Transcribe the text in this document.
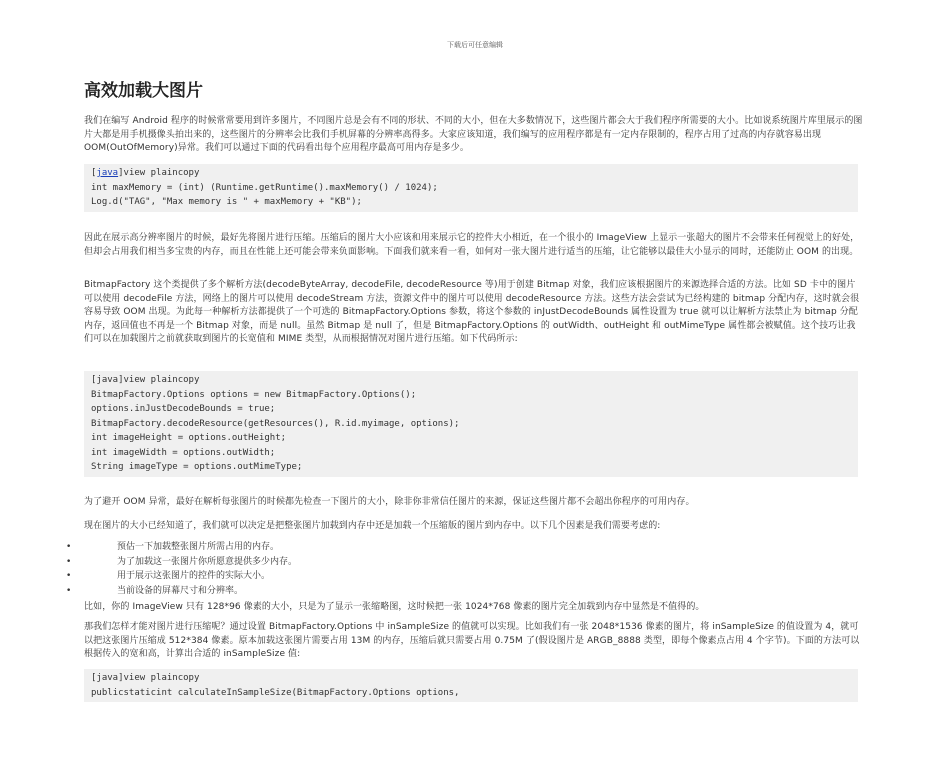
下载后可任意编辑
高效加载大图片

我们在编写 Android 程序的时候常常要用到许多图片，不同图片总是会有不同的形状、不同的大小，但在大多数情况下，这些图片都会大于我们程序所需要的大小。比如说系统图片库里展示的图片大都是用手机摄像头拍出来的，这些图片的分辨率会比我们手机屏幕的分辨率高得多。大家应该知道，我们编写的应用程序都是有一定内存限制的，程序占用了过高的内存就容易出现 OOM(OutOfMemory)异常。我们可以通过下面的代码看出每个应用程序最高可用内存是多少。

[java]view plaincopy
int maxMemory = (int) (Runtime.getRuntime().maxMemory() / 1024);
Log.d("TAG", "Max memory is " + maxMemory + "KB");

因此在展示高分辨率图片的时候，最好先将图片进行压缩。压缩后的图片大小应该和用来展示它的控件大小相近，在一个很小的 ImageView 上显示一张超大的图片不会带来任何视觉上的好处，但却会占用我们相当多宝贵的内存，而且在性能上还可能会带来负面影响。下面我们就来看一看，如何对一张大图片进行适当的压缩，让它能够以最佳大小显示的同时，还能防止 OOM 的出现。

BitmapFactory 这个类提供了多个解析方法(decodeByteArray, decodeFile, decodeResource 等)用于创建 Bitmap 对象，我们应该根据图片的来源选择合适的方法。比如 SD 卡中的图片可以使用 decodeFile 方法，网络上的图片可以使用 decodeStream 方法，资源文件中的图片可以使用 decodeResource 方法。这些方法会尝试为已经构建的 bitmap 分配内存，这时就会很容易导致 OOM 出现。为此每一种解析方法都提供了一个可选的 BitmapFactory.Options 参数，将这个参数的 inJustDecodeBounds 属性设置为 true 就可以让解析方法禁止为 bitmap 分配内存，返回值也不再是一个 Bitmap 对象，而是 null。虽然 Bitmap 是 null 了，但是 BitmapFactory.Options 的 outWidth、outHeight 和 outMimeType 属性都会被赋值。这个技巧让我们可以在加载图片之前就获取到图片的长宽值和 MIME 类型，从而根据情况对图片进行压缩。如下代码所示:

[java]view plaincopy
BitmapFactory.Options options = new BitmapFactory.Options();
options.inJustDecodeBounds = true;
BitmapFactory.decodeResource(getResources(), R.id.myimage, options);
int imageHeight = options.outHeight;
int imageWidth = options.outWidth;
String imageType = options.outMimeType;

为了避开 OOM 异常，最好在解析每张图片的时候都先检查一下图片的大小，除非你非常信任图片的来源，保证这些图片都不会超出你程序的可用内存。

现在图片的大小已经知道了，我们就可以决定是把整张图片加载到内存中还是加载一个压缩版的图片到内存中。以下几个因素是我们需要考虑的:

•	预估一下加载整张图片所需占用的内存。
•	为了加载这一张图片你所愿意提供多少内存。
•	用于展示这张图片的控件的实际大小。
•	当前设备的屏幕尺寸和分辨率。

比如，你的 ImageView 只有 128*96 像素的大小，只是为了显示一张缩略图，这时候把一张 1024*768 像素的图片完全加载到内存中显然是不值得的。

那我们怎样才能对图片进行压缩呢？通过设置 BitmapFactory.Options 中 inSampleSize 的值就可以实现。比如我们有一张 2048*1536 像素的图片，将 inSampleSize 的值设置为 4，就可以把这张图片压缩成 512*384 像素。原本加载这张图片需要占用 13M 的内存，压缩后就只需要占用 0.75M 了(假设图片是 ARGB_8888 类型，即每个像素点占用 4 个字节)。下面的方法可以根据传入的宽和高，计算出合适的 inSampleSize 值:

[java]view plaincopy
publicstaticint calculateInSampleSize(BitmapFactory.Options options,
